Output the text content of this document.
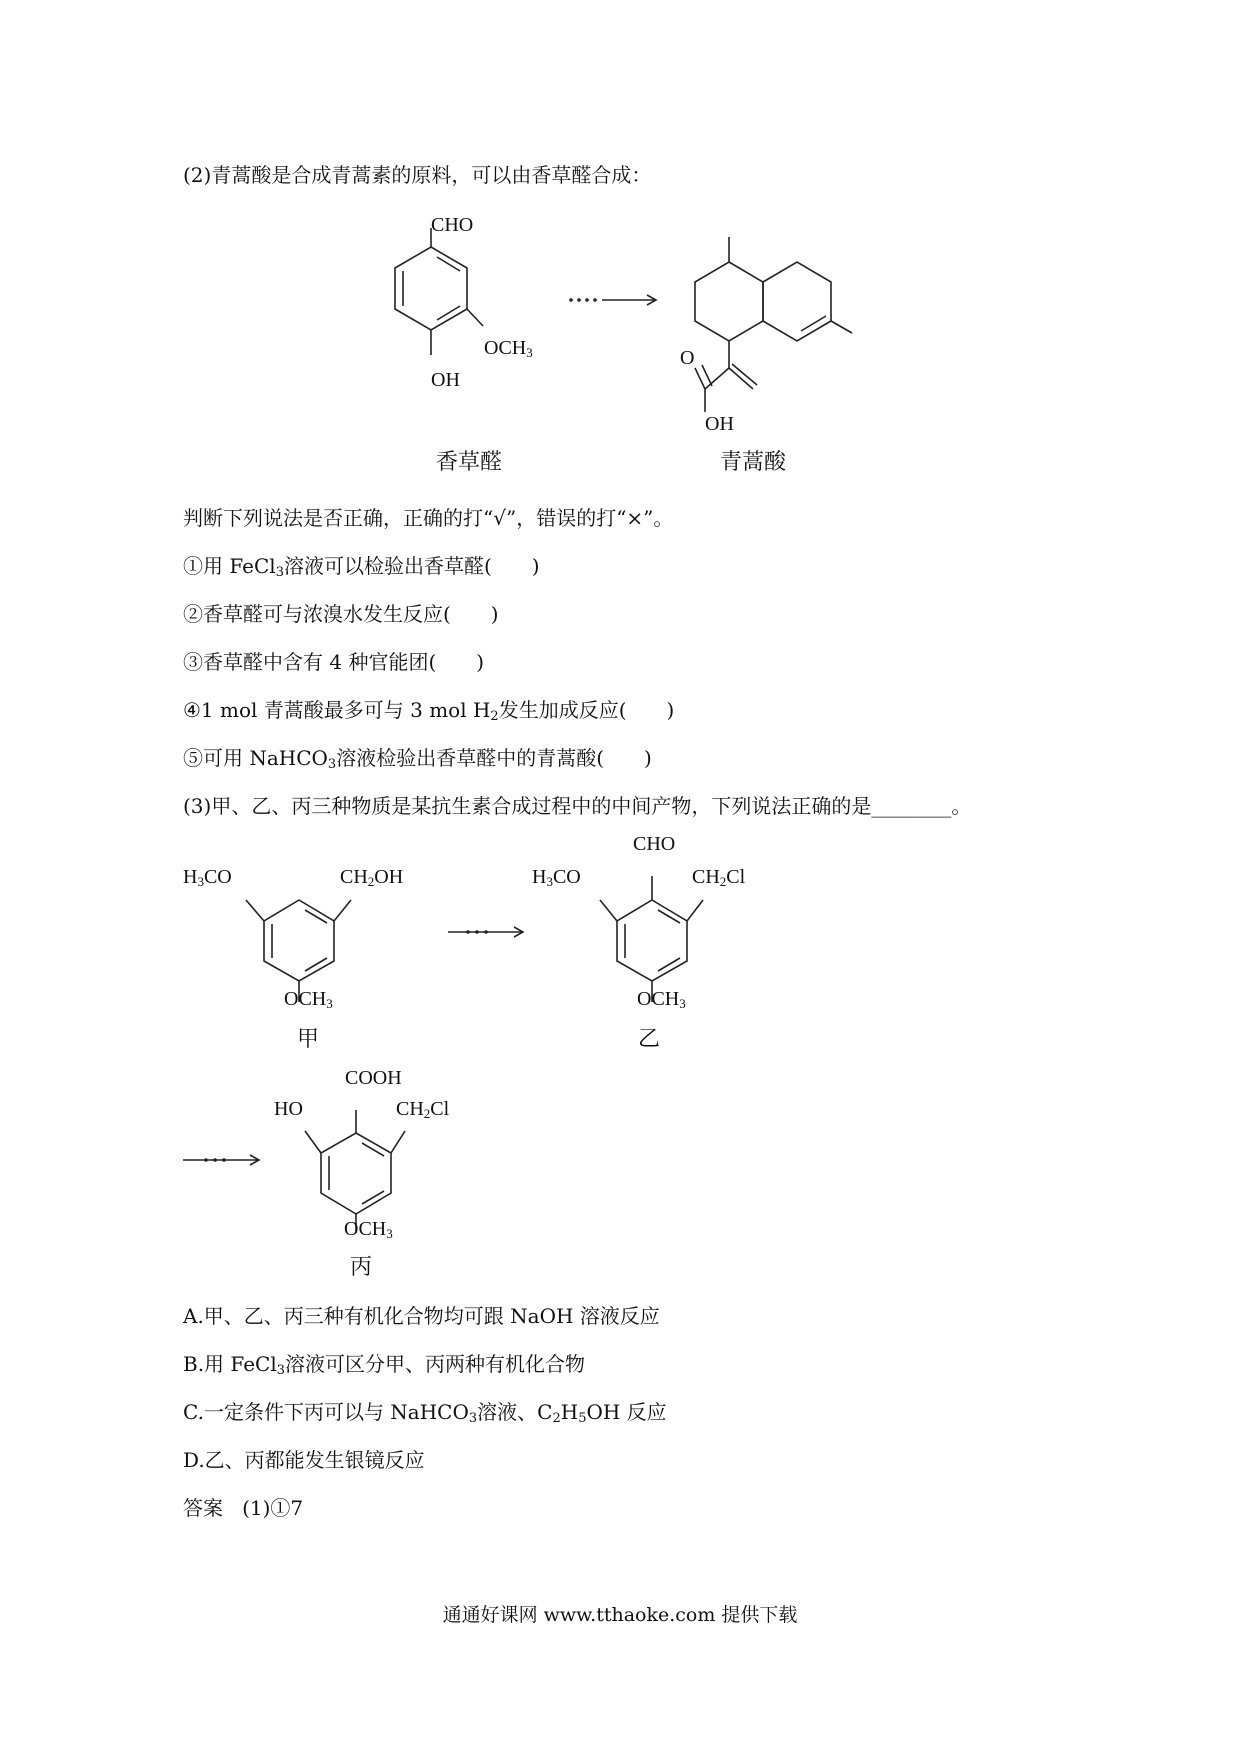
(2)青蒿酸是合成青蒿素的原料，可以由香草醛合成：
CHO
$OCH_3$
OH
香草醛
O
OH
青蒿酸
判断下列说法是否正确，正确的打“√”，错误的打“×”。
①用 FeCl$_3$溶液可以检验出香草醛(　　)
②香草醛可与浓溴水发生反应(　　)
③香草醛中含有 4 种官能团(　　)
④1 mol 青蒿酸最多可与 3 mol $H_2$发生加成反应(　　)
⑤可用 NaHCO$_3$溶液检验出香草醛中的青蒿酸(　　)
(3)甲、乙、丙三种物质是某抗生素合成过程中的中间产物，下列说法正确的是________。
$H_3CO$	$CH_2OH$
$OCH_3$
甲
CHO
$H_3CO$	$CH_2Cl$
$OCH_3$
乙
COOH
HO	$CH_2Cl$
$OCH_3$
丙
A.甲、乙、丙三种有机化合物均可跟 NaOH 溶液反应
B.用 FeCl$_3$溶液可区分甲、丙两种有机化合物
C.一定条件下丙可以与 NaHCO$_3$溶液、$C_2H_5OH$ 反应
D.乙、丙都能发生银镜反应
答案 (1)①7
通通好课网 www.tthaoke.com 提供下载
